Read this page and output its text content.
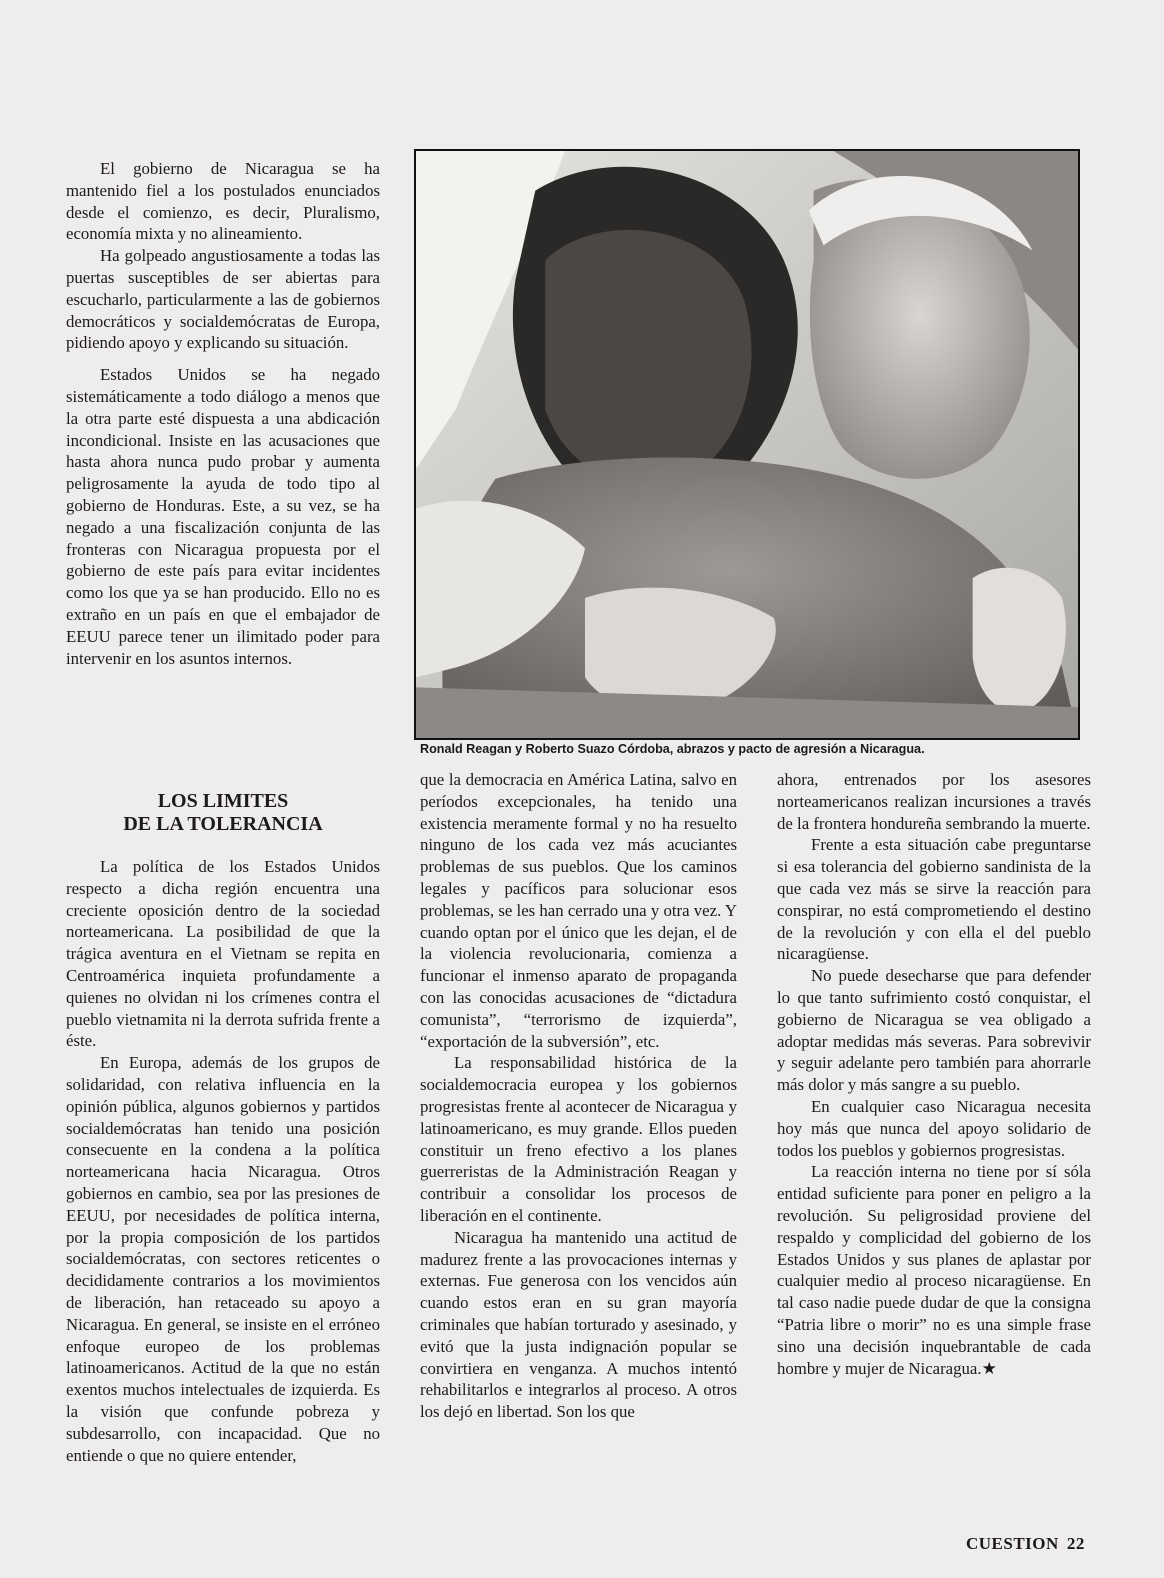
El gobierno de Nicaragua se ha mantenido fiel a los postulados enunciados desde el comienzo, es decir, Pluralismo, economía mixta y no alineamiento.

Ha golpeado angustiosamente a todas las puertas susceptibles de ser abiertas para escucharlo, particularmente a las de gobiernos democráticos y socialdemócratas de Europa, pidiendo apoyo y explicando su situación.

Estados Unidos se ha negado sistemáticamente a todo diálogo a menos que la otra parte esté dispuesta a una abdicación incondicional. Insiste en las acusaciones que hasta ahora nunca pudo probar y aumenta peligrosamente la ayuda de todo tipo al gobierno de Honduras. Este, a su vez, se ha negado a una fiscalización conjunta de las fronteras con Nicaragua propuesta por el gobierno de este país para evitar incidentes como los que ya se han producido. Ello no es extraño en un país en que el embajador de EEUU parece tener un ilimitado poder para intervenir en los asuntos internos.

LOS LIMITES
DE LA TOLERANCIA

La política de los Estados Unidos respecto a dicha región encuentra una creciente oposición dentro de la sociedad norteamericana. La posibilidad de que la trágica aventura en el Vietnam se repita en Centroamérica inquieta profundamente a quienes no olvidan ni los crímenes contra el pueblo vietnamita ni la derrota sufrida frente a éste.

En Europa, además de los grupos de solidaridad, con relativa influencia en la opinión pública, algunos gobiernos y partidos socialdemócratas han tenido una posición consecuente en la condena a la política norteamericana hacia Nicaragua. Otros gobiernos en cambio, sea por las presiones de EEUU, por necesidades de política interna, por la propia composición de los partidos socialdemócratas, con sectores reticentes o decididamente contrarios a los movimientos de liberación, han retaceado su apoyo a Nicaragua. En general, se insiste en el erróneo enfoque europeo de los problemas latinoamericanos. Actitud de la que no están exentos muchos intelectuales de izquierda. Es la visión que confunde pobreza y subdesarrollo, con incapacidad. Que no entiende o que no quiere entender,

Ronald Reagan y Roberto Suazo Córdoba, abrazos y pacto de agresión a Nicaragua.

que la democracia en América Latina, salvo en períodos excepcionales, ha tenido una existencia meramente formal y no ha resuelto ninguno de los cada vez más acuciantes problemas de sus pueblos. Que los caminos legales y pacíficos para solucionar esos problemas, se les han cerrado una y otra vez. Y cuando optan por el único que les dejan, el de la violencia revolucionaria, comienza a funcionar el inmenso aparato de propaganda con las conocidas acusaciones de “dictadura comunista”, “terrorismo de izquierda”, “exportación de la subversión”, etc.

La responsabilidad histórica de la socialdemocracia europea y los gobiernos progresistas frente al acontecer de Nicaragua y latinoamericano, es muy grande. Ellos pueden constituir un freno efectivo a los planes guerreristas de la Administración Reagan y contribuir a consolidar los procesos de liberación en el continente.

Nicaragua ha mantenido una actitud de madurez frente a las provocaciones internas y externas. Fue generosa con los vencidos aún cuando estos eran en su gran mayoría criminales que habían torturado y asesinado, y evitó que la justa indignación popular se convirtiera en venganza. A muchos intentó rehabilitarlos e integrarlos al proceso. A otros los dejó en libertad. Son los que

ahora, entrenados por los asesores norteamericanos realizan incursiones a través de la frontera hondureña sembrando la muerte.

Frente a esta situación cabe preguntarse si esa tolerancia del gobierno sandinista de la que cada vez más se sirve la reacción para conspirar, no está comprometiendo el destino de la revolución y con ella el del pueblo nicaragüense.

No puede desecharse que para defender lo que tanto sufrimiento costó conquistar, el gobierno de Nicaragua se vea obligado a adoptar medidas más severas. Para sobrevivir y seguir adelante pero también para ahorrarle más dolor y más sangre a su pueblo.

En cualquier caso Nicaragua necesita hoy más que nunca del apoyo solidario de todos los pueblos y gobiernos progresistas.

La reacción interna no tiene por sí sóla entidad suficiente para poner en peligro a la revolución. Su peligrosidad proviene del respaldo y complicidad del gobierno de los Estados Unidos y sus planes de aplastar por cualquier medio al proceso nicaragüense. En tal caso nadie puede dudar de que la consigna “Patria libre o morir” no es una simple frase sino una decisión inquebrantable de cada hombre y mujer de Nicaragua.★

CUESTION 22
